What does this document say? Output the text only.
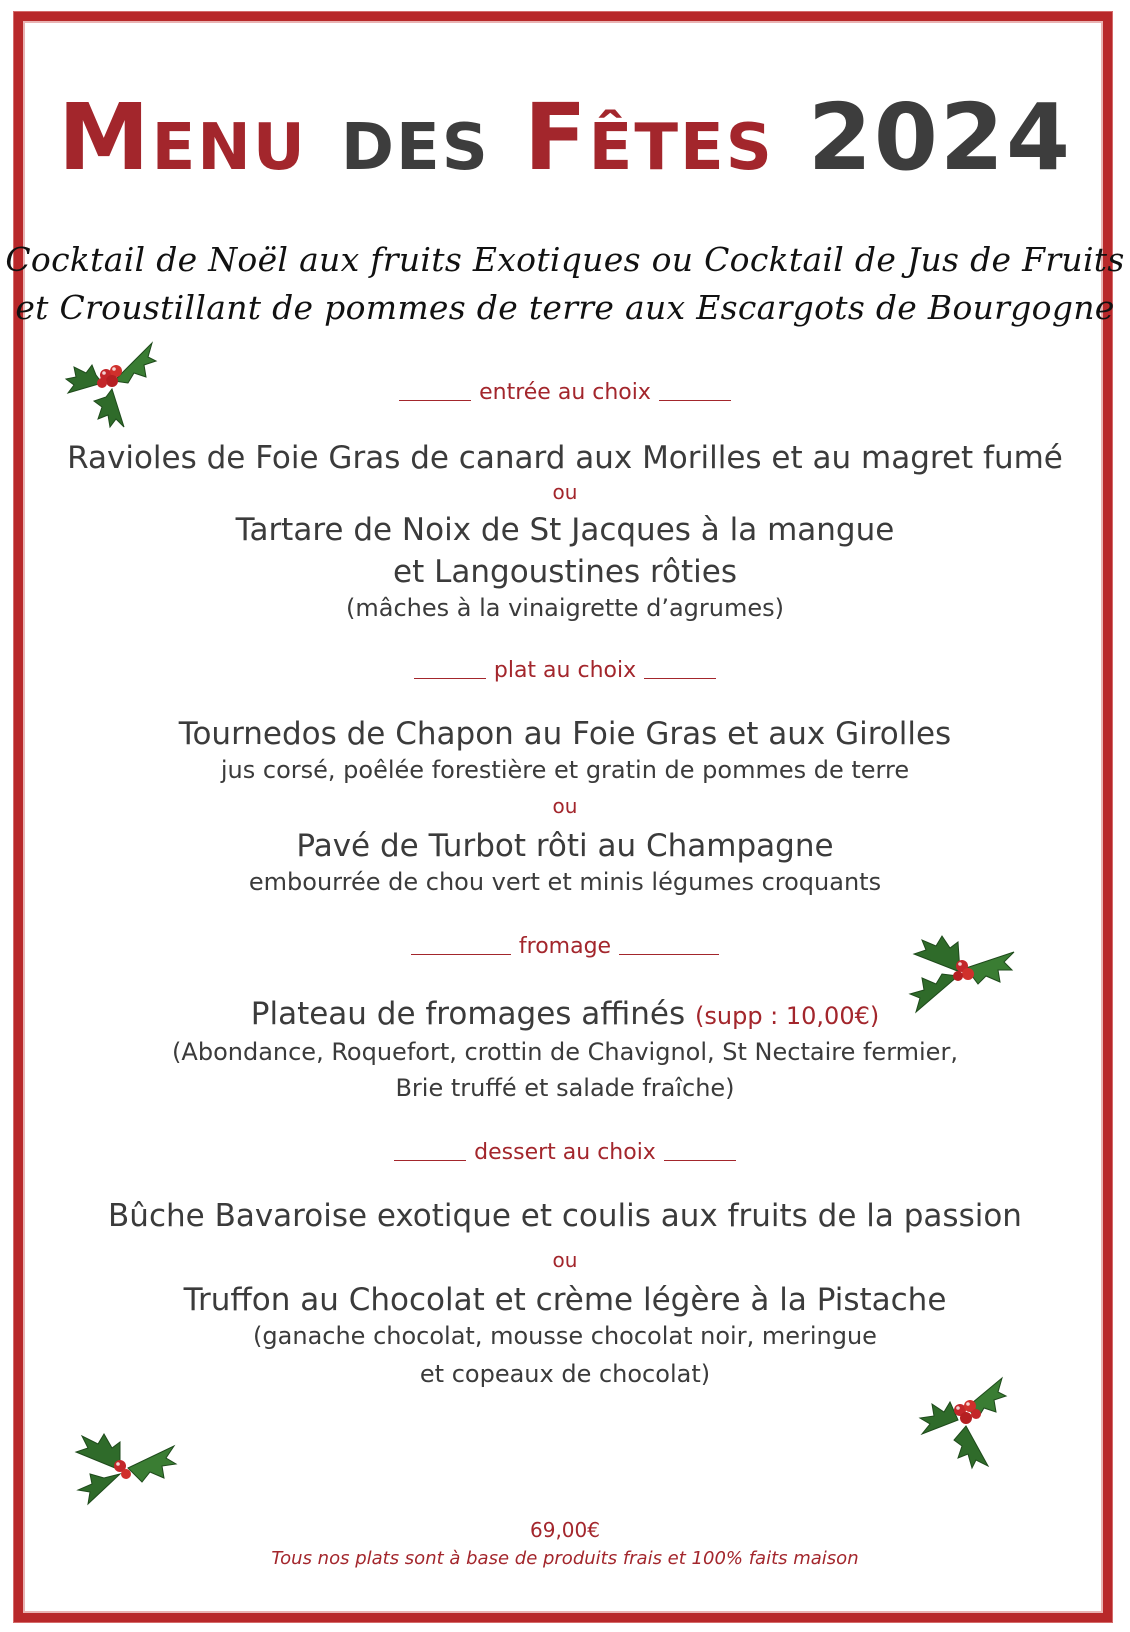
Menu des Fêtes 2024
Cocktail de Noël aux fruits Exotiques ou Cocktail de Jus de Fruits
et Croustillant de pommes de terre aux Escargots de Bourgogne
entrée au choix
Ravioles de Foie Gras de canard aux Morilles et au magret fumé
ou
Tartare de Noix de St Jacques à la mangue
et Langoustines rôties
(mâches à la vinaigrette d’agrumes)
plat au choix
Tournedos de Chapon au Foie Gras et aux Girolles
jus corsé, poêlée forestière et gratin de pommes de terre
ou
Pavé de Turbot rôti au Champagne
embourrée de chou vert et minis légumes croquants
fromage
Plateau de fromages affinés (supp : 10,00€)
(Abondance, Roquefort, crottin de Chavignol, St Nectaire fermier,
Brie truffé et salade fraîche)
dessert au choix
Bûche Bavaroise exotique et coulis aux fruits de la passion
ou
Truffon au Chocolat et crème légère à la Pistache
(ganache chocolat, mousse chocolat noir, meringue
et copeaux de chocolat)
69,00€
Tous nos plats sont à base de produits frais et 100% faits maison
